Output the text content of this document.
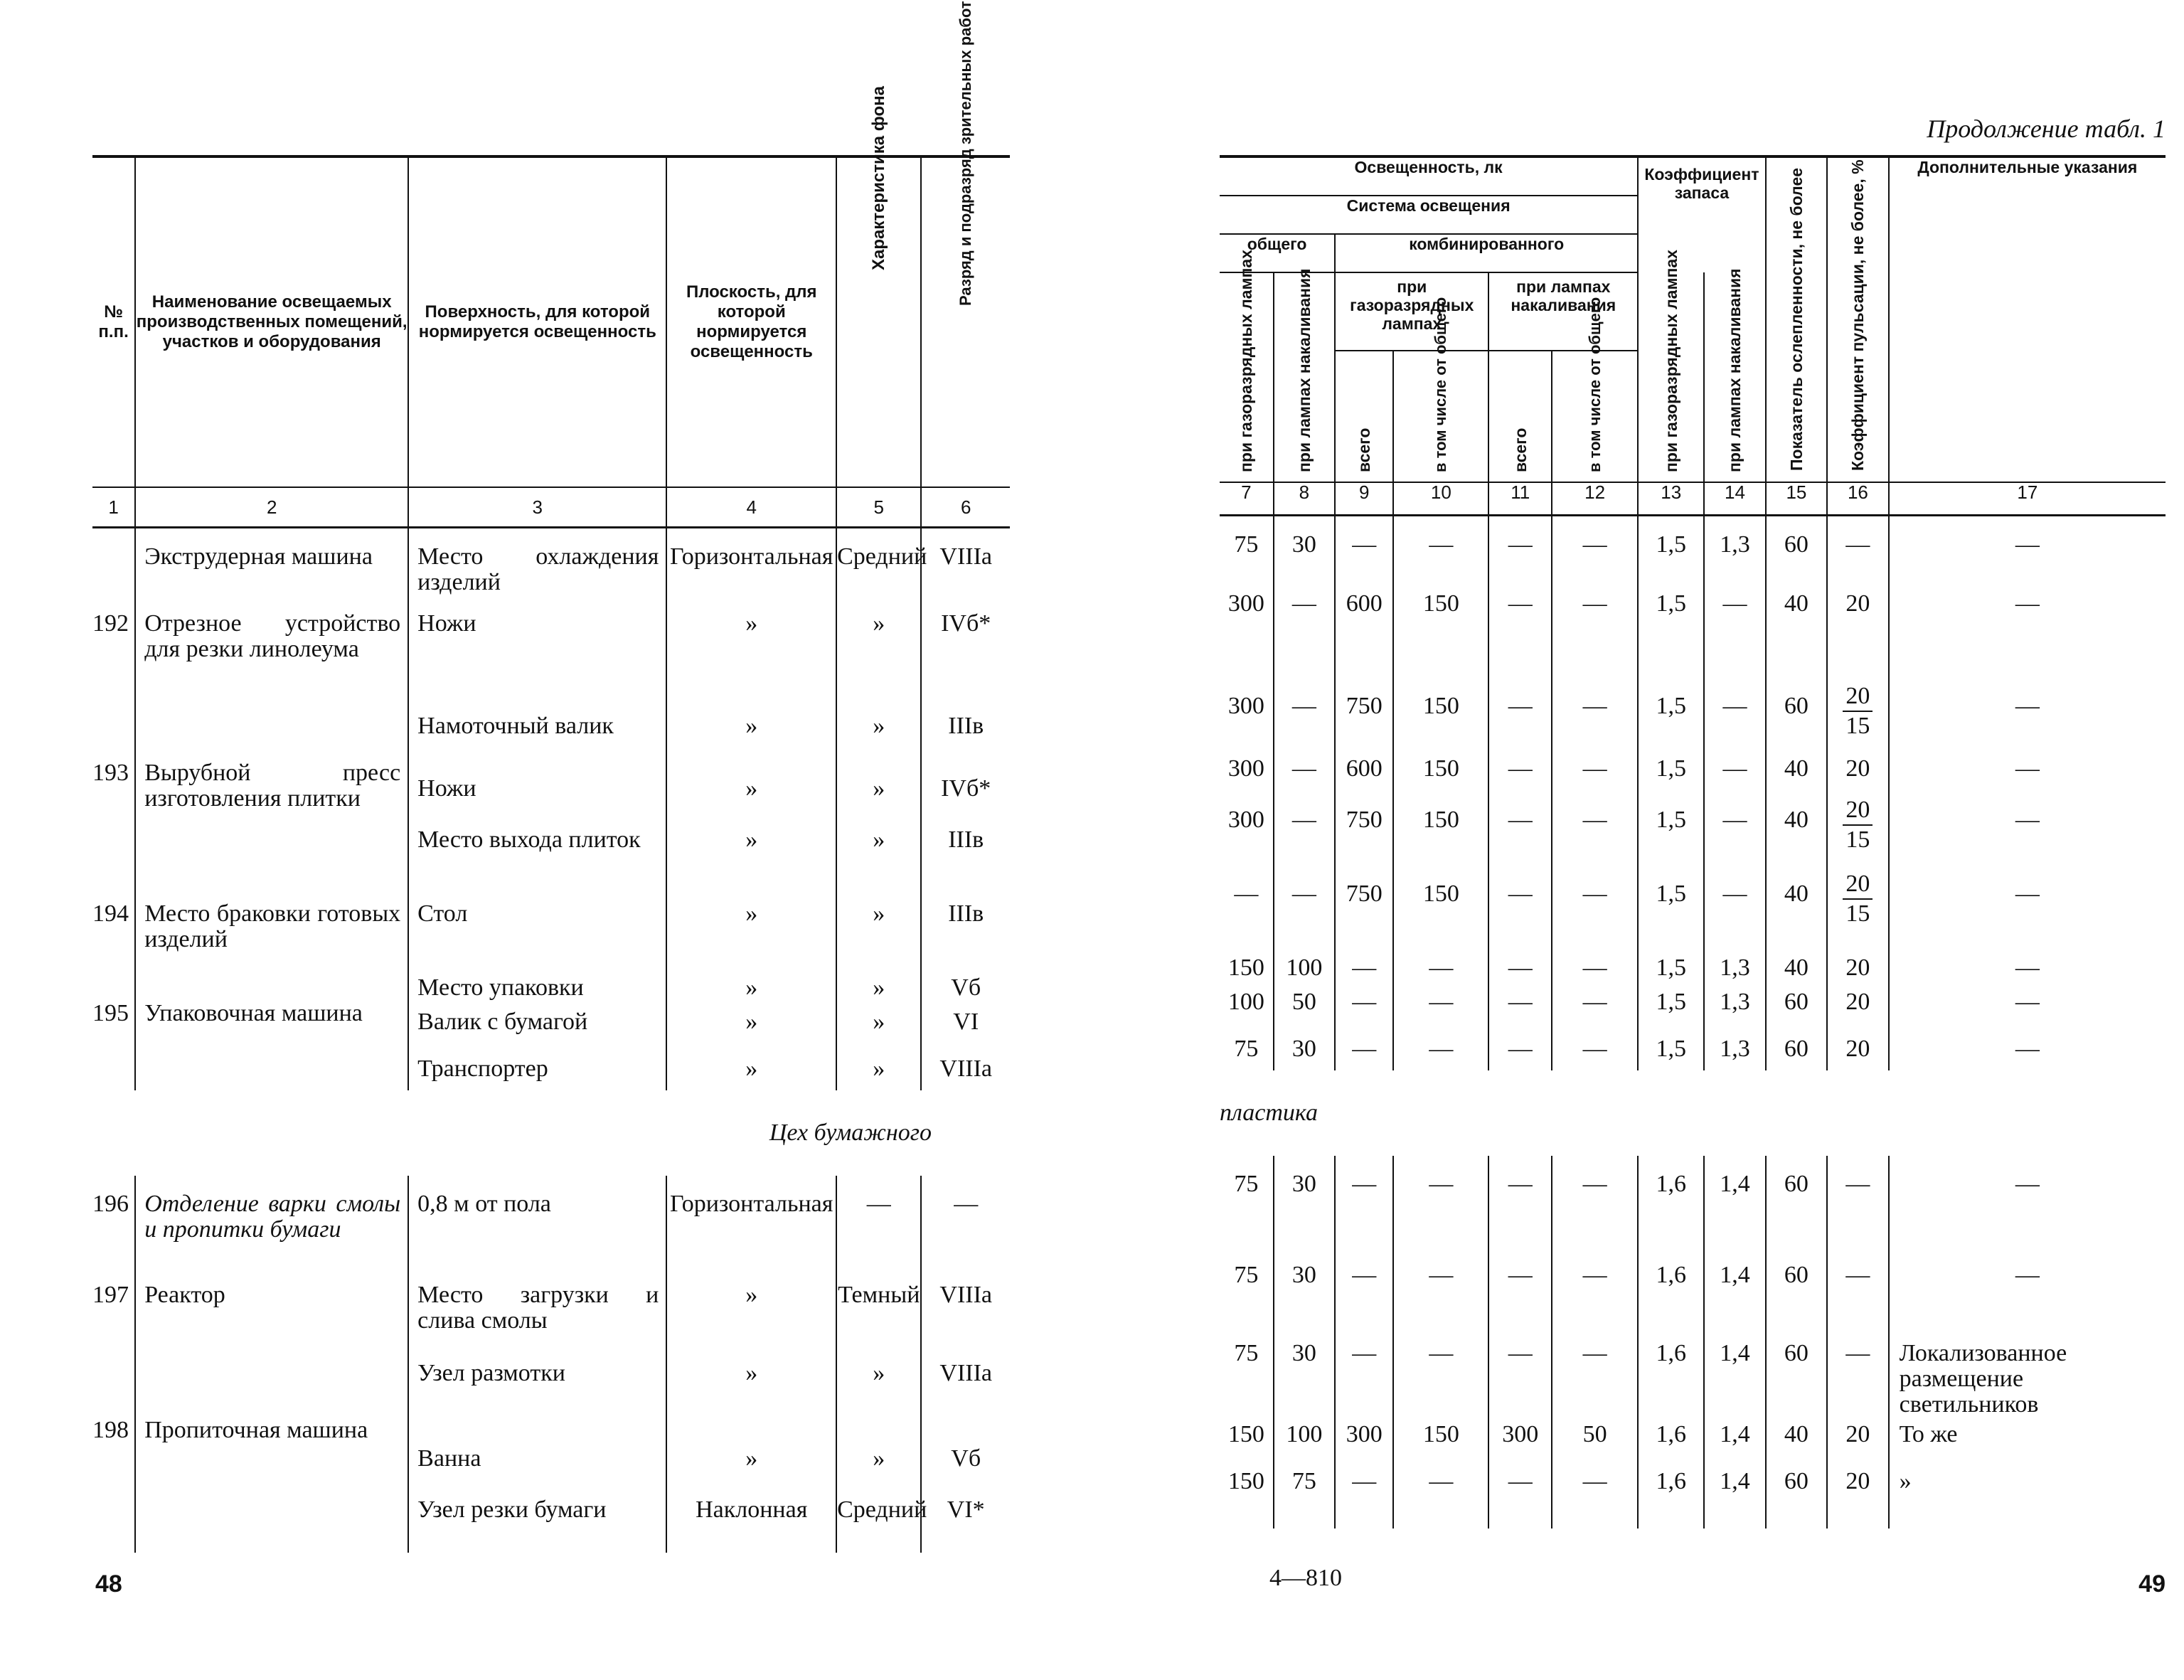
№ п.п.	Наименование освещаемых производственных помещений, участков и оборудования	Поверхность, для которой нормируется освещенность	Плоскость, для которой нормируется освещенность	Характеристика фона	Разряд и подразряд зрительных работ
1	2	3	4	5	6
	Экструдерная машина	Место охлаждения изделий	Горизонтальная	Средний	VIIIа
192	Отрезное устройство для резки линолеума	Ножи	»	»	IVб*
		Намоточный валик	»	»	IIIв
193	Вырубной пресс изготовления плитки	Ножи	»	»	IVб*
		Место выхода плиток	»	»	IIIв
194	Место браковки готовых изделий	Стол	»	»	IIIв
		Место упаковки	»	»	Vб
195	Упаковочная машина	Валик с бумагой	»	»	VI
		Транспортер	»	»	VIIIа
Цех бумажного					
196	Отделение варки смолы и пропитки бумаги	0,8 м от пола	Горизонтальная	—	—
197	Реактор	Место загрузки и слива смолы	»	Темный	VIIIа
		Узел размотки	»	»	VIIIа
198	Пропиточная машина	Ванна	»	»	Vб
		Узел резки бумаги	Наклонная	Средний	VI*
48
Продолжение табл. 1
Освещенность, лк						Коэффициент запаса		Показатель ослепленности, не более	Коэффициент пульсации, не более, %	Дополнительные указания
Система освещения										
общего		комбинированного								
при газоразрядных лампах	при лампах накаливания	при газоразрядных лампах		при лампах накаливания		при газоразрядных лампах	при лампах накаливания			
		всего	в том числе от общего	всего	в том числе от общего					
7	8	9	10	11	12	13	14	15	16	17
75	30	—	—	—	—	1,5	1,3	60	—	—
300	—	600	150	—	—	1,5	—	40	20	—
300	—	750	150	—	—	1,5	—	60	$\frac{20}{15}$	—
300	—	600	150	—	—	1,5	—	40	20	—
300	—	750	150	—	—	1,5	—	40	$\frac{20}{15}$	—
—	—	750	150	—	—	1,5	—	40	$\frac{20}{15}$	—
150	100	—	—	—	—	1,5	1,3	40	20	—
100	50	—	—	—	—	1,5	1,3	60	20	—
75	30	—	—	—	—	1,5	1,3	60	20	—
пластика										
75	30	—	—	—	—	1,6	1,4	60	—	—
75	30	—	—	—	—	1,6	1,4	60	—	—
75	30	—	—	—	—	1,6	1,4	60	—	Локализованное размещение светильников
150	100	300	150	300	50	1,6	1,4	40	20	То же
150	75	—	—	—	—	1,6	1,4	60	20	»
4—810	49
